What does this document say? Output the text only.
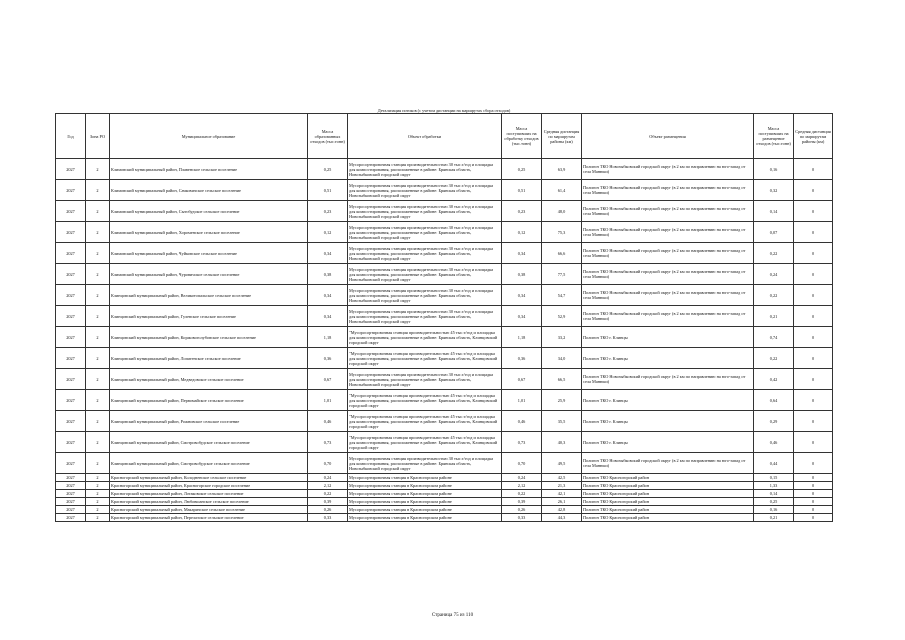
Детализация потоков (с учетом дистанции на маршрутах сбора отходов)									
Год	Зона РО	Муниципальное образование	Масса образованных отходов (тыс.тонн)	Объект обработки	Масса поступивших на обработку отходов (тыс.тонн)	Средняя дистанция по маршрутам районы (км)	Объект размещения	Масса поступивших на размещение отходов (тыс.тонн)	Средняя дистанция по маршрутам районы (км)
2027	2	Климовский муниципальный район, Плавенское сельское поселение	0,25	Мусоросортировочная станция производительностью 30 тыс.т/год и площадка для компостирования, расположенные в районе: Брянская область, Новозыбковский городской округ	0,25	63,9	Полигон ТКО Новозыбковский городской округ (в 2 км по направлению на юго-запад от села Манюки)	0,16	0
2027	2	Климовский муниципальный район, Сачковичское сельское поселение	0,51	Мусоросортировочная станция производительностью 30 тыс.т/год и площадка для компостирования, расположенные в районе: Брянская область, Новозыбковский городской округ	0,51	61,4	Полигон ТКО Новозыбковский городской округ (в 2 км по направлению на юго-запад от села Манюки)	0,32	0
2027	2	Климовский муниципальный район, Сытобудское сельское поселение	0,23	Мусоросортировочная станция производительностью 30 тыс.т/год и площадка для компостирования, расположенные в районе: Брянская область, Новозыбковский городской округ	0,23	48,0	Полигон ТКО Новозыбковский городской округ (в 2 км по направлению на юго-запад от села Манюки)	0,14	0
2027	2	Климовский муниципальный район, Хороменское сельское поселение	0,12	Мусоросортировочная станция производительностью 30 тыс.т/год и площадка для компостирования, расположенные в районе: Брянская область, Новозыбковский городской округ	0,12	75,3	Полигон ТКО Новозыбковский городской округ (в 2 км по направлению на юго-запад от села Манюки)	0,07	0
2027	2	Климовский муниципальный район, Чуйковское сельское поселение	0,34	Мусоросортировочная станция производительностью 30 тыс.т/год и площадка для компостирования, расположенные в районе: Брянская область, Новозыбковский городской округ	0,34	66,6	Полигон ТКО Новозыбковский городской округ (в 2 км по направлению на юго-запад от села Манюки)	0,22	0
2027	2	Климовский муниципальный район, Чуровичское сельское поселение	0,38	Мусоросортировочная станция производительностью 30 тыс.т/год и площадка для компостирования, расположенные в районе: Брянская область, Новозыбковский городской округ	0,38	77,5	Полигон ТКО Новозыбковский городской округ (в 2 км по направлению на юго-запад от села Манюки)	0,24	0
2027	2	Клинцовский муниципальный район, Великотопальское сельское поселение	0,34	Мусоросортировочная станция производительностью 30 тыс.т/год и площадка для компостирования, расположенные в районе: Брянская область, Новозыбковский городской округ	0,34	54,7	Полигон ТКО Новозыбковский городской округ (в 2 км по направлению на юго-запад от села Манюки)	0,22	0
2027	2	Клинцовский муниципальный район, Гулевское сельское поселение	0,34	Мусоросортировочная станция производительностью 30 тыс.т/год и площадка для компостирования, расположенные в районе: Брянская область, Новозыбковский городской округ	0,34	52,9	Полигон ТКО Новозыбковский городской округ (в 2 км по направлению на юго-запад от села Манюки)	0,21	0
2027	2	Клинцовский муниципальный район, Коржовоголубовское сельское поселение	1,18	"Мусоросортировочная станция производительностью 45 тыс.т/год и площадка для компостирования, расположенные в районе: Брянская область, Клинцовский городской округ	1,18	33,2	Полигон ТКО г. Клинцы	0,74	0
2027	2	Клинцовский муниципальный район, Лопатенское сельское поселение	0,36	"Мусоросортировочная станция производительностью 45 тыс.т/год и площадка для компостирования, расположенные в районе: Брянская область, Клинцовский городской округ	0,36	34,0	Полигон ТКО г. Клинцы	0,22	0
2027	2	Клинцовский муниципальный район, Медведовское сельское поселение	0,67	Мусоросортировочная станция производительностью 30 тыс.т/год и площадка для компостирования, расположенные в районе: Брянская область, Новозыбковский городской округ	0,67	66,5	Полигон ТКО Новозыбковский городской округ (в 2 км по направлению на юго-запад от села Манюки)	0,42	0
2027	2	Клинцовский муниципальный район, Первомайское сельское поселение	1,01	"Мусоросортировочная станция производительностью 45 тыс.т/год и площадка для компостирования, расположенные в районе: Брянская область, Клинцовский городской округ	1,01	25,9	Полигон ТКО г. Клинцы	0,64	0
2027	2	Клинцовский муниципальный район, Рожновское сельское поселение	0,46	"Мусоросортировочная станция производительностью 45 тыс.т/год и площадка для компостирования, расположенные в районе: Брянская область, Клинцовский городской округ	0,46	35,5	Полигон ТКО г. Клинцы	0,29	0
2027	2	Клинцовский муниципальный район, Смотровобудское сельское поселение	0,73	"Мусоросортировочная станция производительностью 45 тыс.т/год и площадка для компостирования, расположенные в районе: Брянская область, Клинцовский городской округ	0,73	40,3	Полигон ТКО г. Клинцы	0,46	0
2027	2	Клинцовский муниципальный район, Смотровобудское сельское поселение	0,70	Мусоросортировочная станция производительностью 30 тыс.т/год и площадка для компостирования, расположенные в районе: Брянская область, Новозыбковский городской округ	0,70	49,5	Полигон ТКО Новозыбковский городской округ (в 2 км по направлению на юго-запад от села Манюки)	0,44	0
2027	2	Красногорский муниципальный район, Колодненское сельское поселение	0,24	Мусоросортировочная станция в Красногорском районе	0,24	42,5	Полигон ТКО Красногорский район	0,15	0
2027	2	Красногорский муниципальный район, Красногорское городское поселение	2,12	Мусоросортировочная станция в Красногорском районе	2,12	21,3	Полигон ТКО Красногорский район	1,33	0
2027	2	Красногорский муниципальный район, Лотаковское сельское поселение	0,22	Мусоросортировочная станция в Красногорском районе	0,22	42,1	Полигон ТКО Красногорский район	0,14	0
2027	2	Красногорский муниципальный район, Любовшанское сельское поселение	0,39	Мусоросортировочная станция в Красногорском районе	0,39	26,1	Полигон ТКО Красногорский район	0,25	0
2027	2	Красногорский муниципальный район, Макаричское сельское поселение	0,26	Мусоросортировочная станция в Красногорском районе	0,26	42,8	Полигон ТКО Красногорский район	0,16	0
2027	2	Красногорский муниципальный район, Перелазское сельское поселение	0,33	Мусоросортировочная станция в Красногорском районе	0,33	44,3	Полигон ТКО Красногорский район	0,21	0
Страница 75 из 110
